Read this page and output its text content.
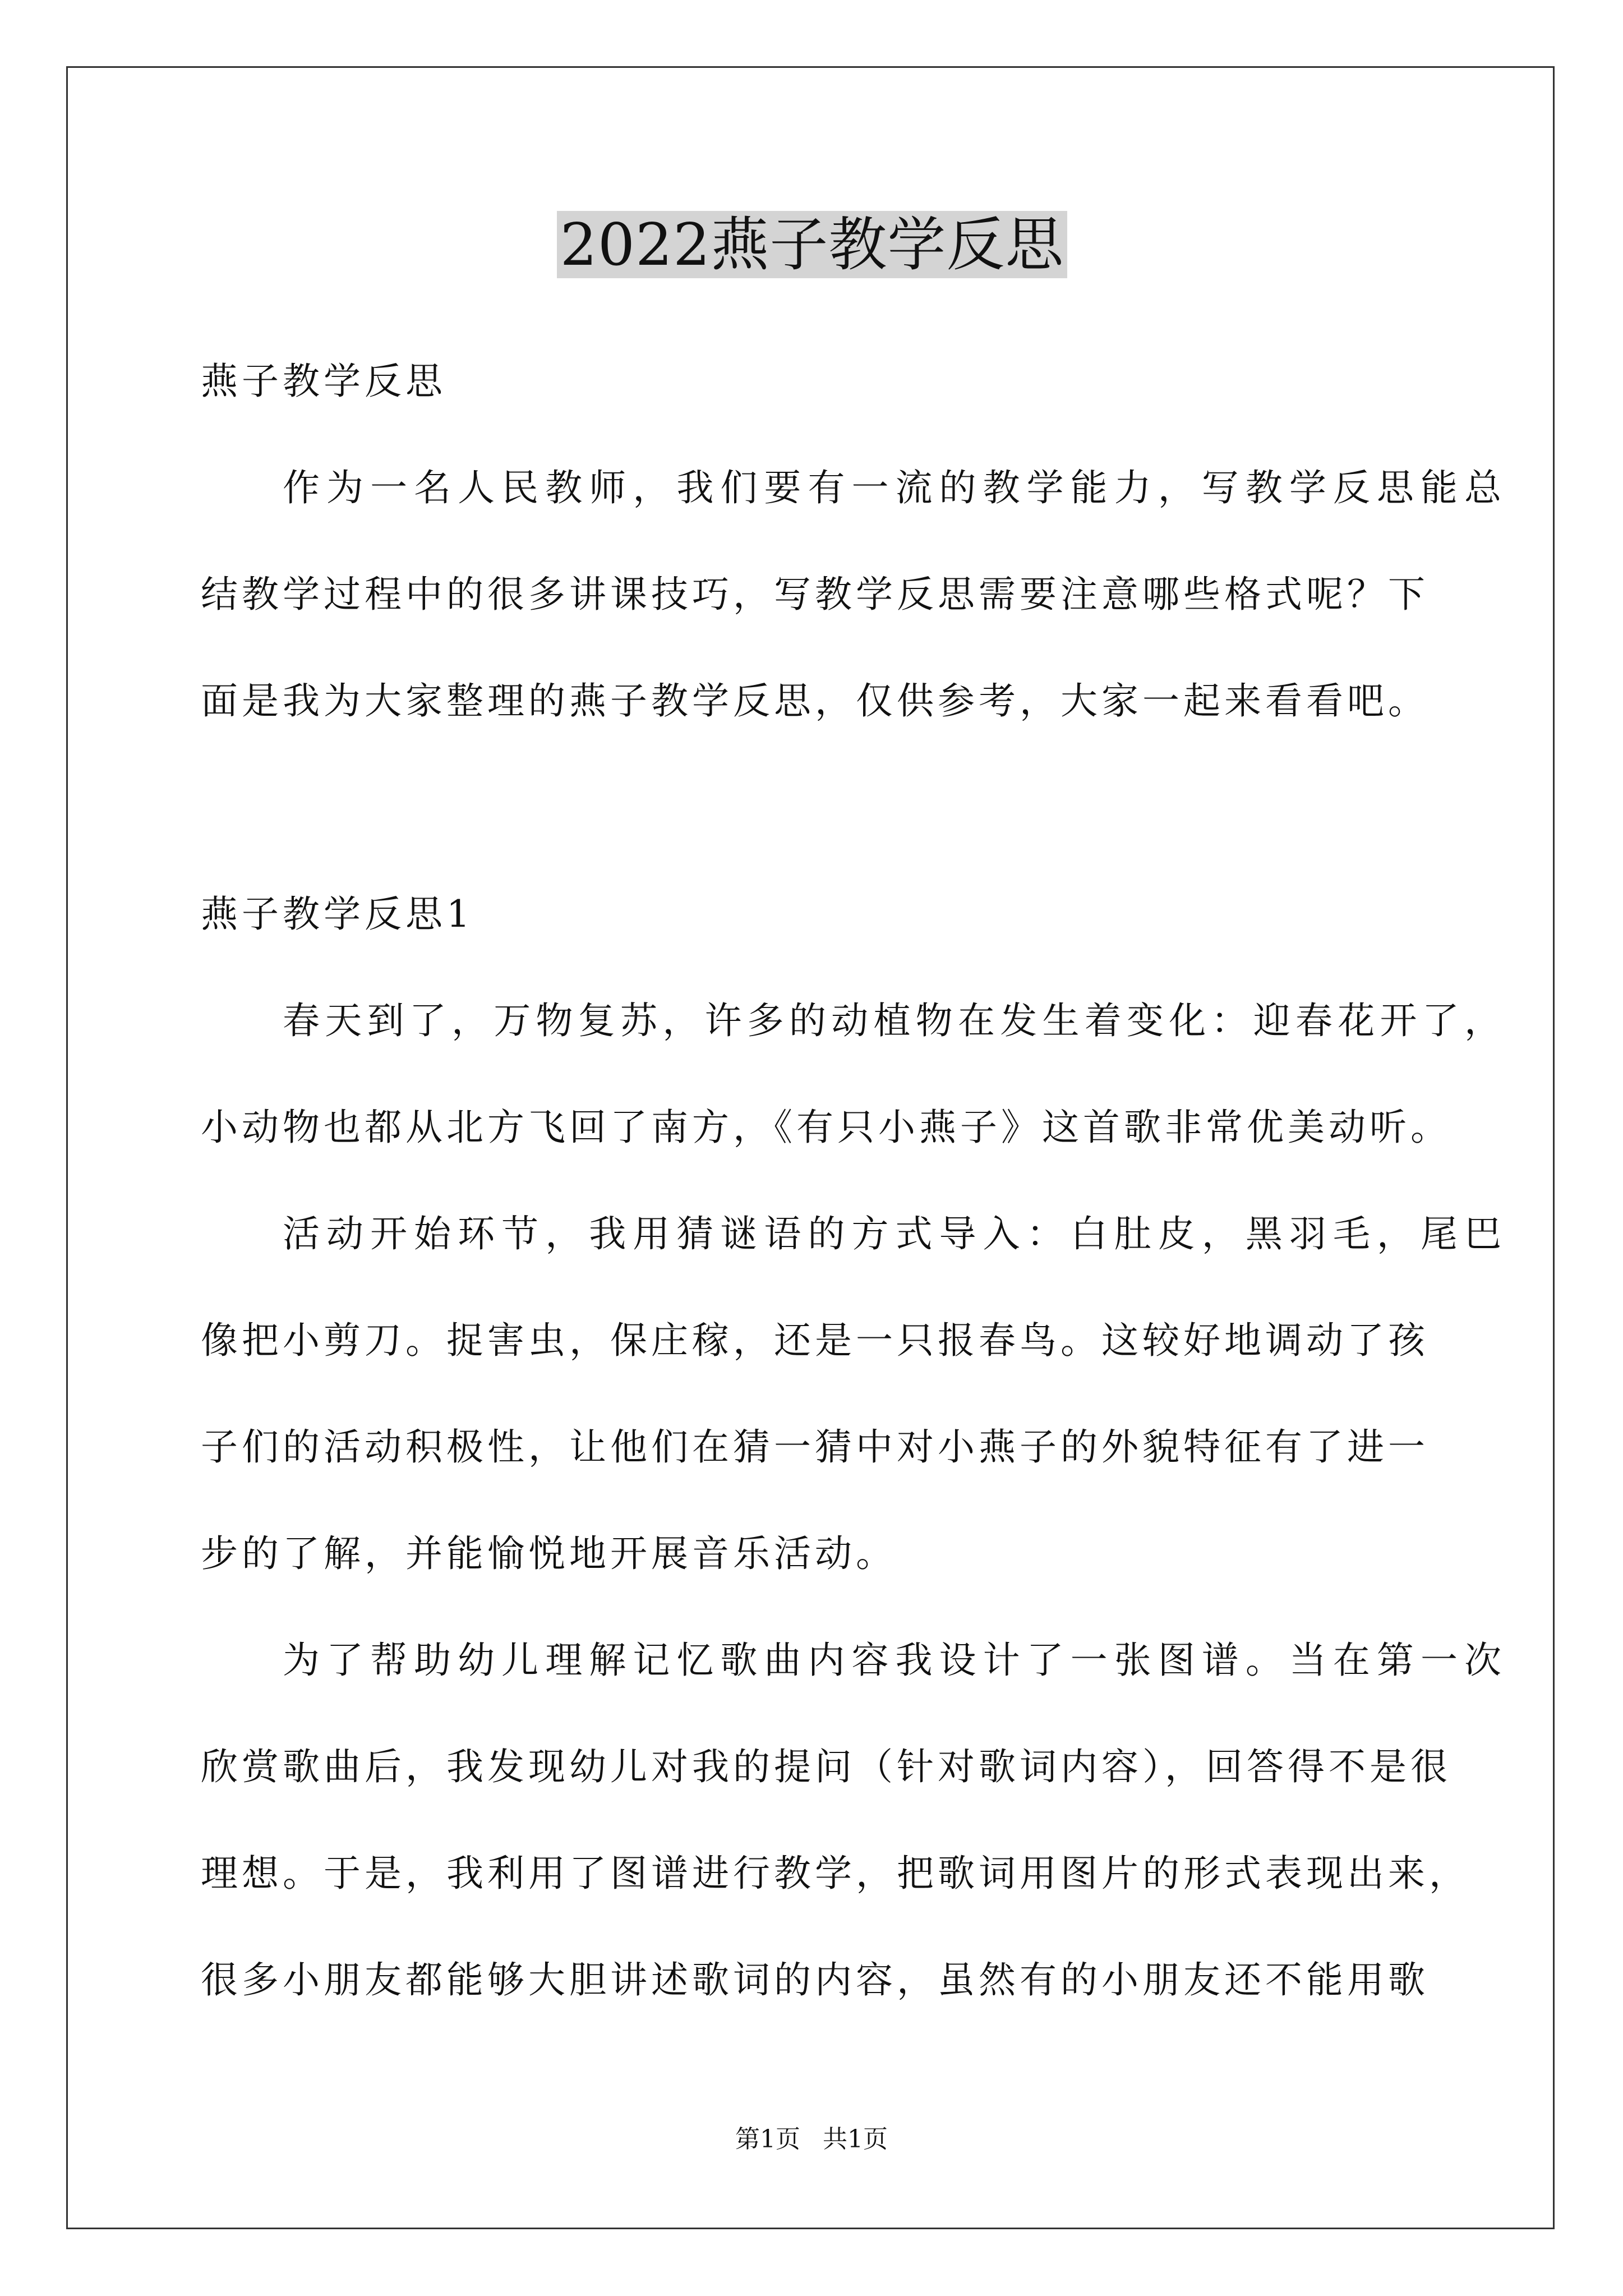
2022燕子教学反思
燕子教学反思
作为一名人民教师，我们要有一流的教学能力，写教学反思能总
结教学过程中的很多讲课技巧，写教学反思需要注意哪些格式呢？下
面是我为大家整理的燕子教学反思，仅供参考，大家一起来看看吧。
燕子教学反思1
春天到了，万物复苏，许多的动植物在发生着变化：迎春花开了，
小动物也都从北方飞回了南方，《有只小燕子》这首歌非常优美动听。
活动开始环节，我用猜谜语的方式导入：白肚皮，黑羽毛，尾巴
像把小剪刀。捉害虫，保庄稼，还是一只报春鸟。这较好地调动了孩
子们的活动积极性，让他们在猜一猜中对小燕子的外貌特征有了进一
步的了解，并能愉悦地开展音乐活动。
为了帮助幼儿理解记忆歌曲内容我设计了一张图谱。当在第一次
欣赏歌曲后，我发现幼儿对我的提问（针对歌词内容），回答得不是很
理想。于是，我利用了图谱进行教学，把歌词用图片的形式表现出来，
很多小朋友都能够大胆讲述歌词的内容，虽然有的小朋友还不能用歌
第1页 共1页
